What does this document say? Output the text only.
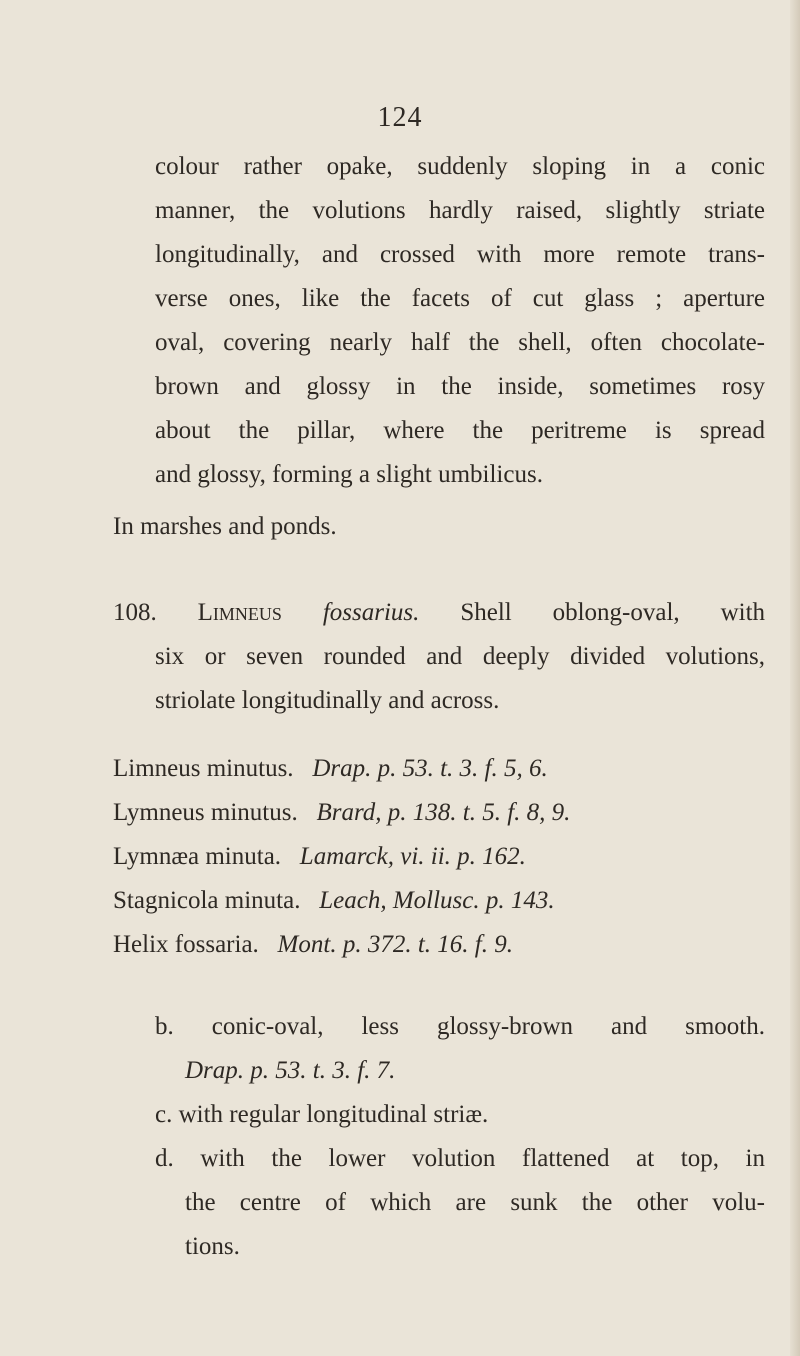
124
colour rather opake, suddenly sloping in a conic
manner, the volutions hardly raised, slightly striate
longitudinally, and crossed with more remote trans-
verse ones, like the facets of cut glass ; aperture
oval, covering nearly half the shell, often chocolate-
brown and glossy in the inside, sometimes rosy
about the pillar, where the peritreme is spread
and glossy, forming a slight umbilicus.
In marshes and ponds.
108. Limneus fossarius. Shell oblong-oval, with
six or seven rounded and deeply divided volutions,
striolate longitudinally and across.
Limneus minutus. Drap. p. 53. t. 3. f. 5, 6.
Lymneus minutus. Brard, p. 138. t. 5. f. 8, 9.
Lymnæa minuta. Lamarck, vi. ii. p. 162.
Stagnicola minuta. Leach, Mollusc. p. 143.
Helix fossaria. Mont. p. 372. t. 16. f. 9.
b. conic-oval, less glossy-brown and smooth.
Drap. p. 53. t. 3. f. 7.
c. with regular longitudinal striæ.
d. with the lower volution flattened at top, in
the centre of which are sunk the other volu-
tions.
